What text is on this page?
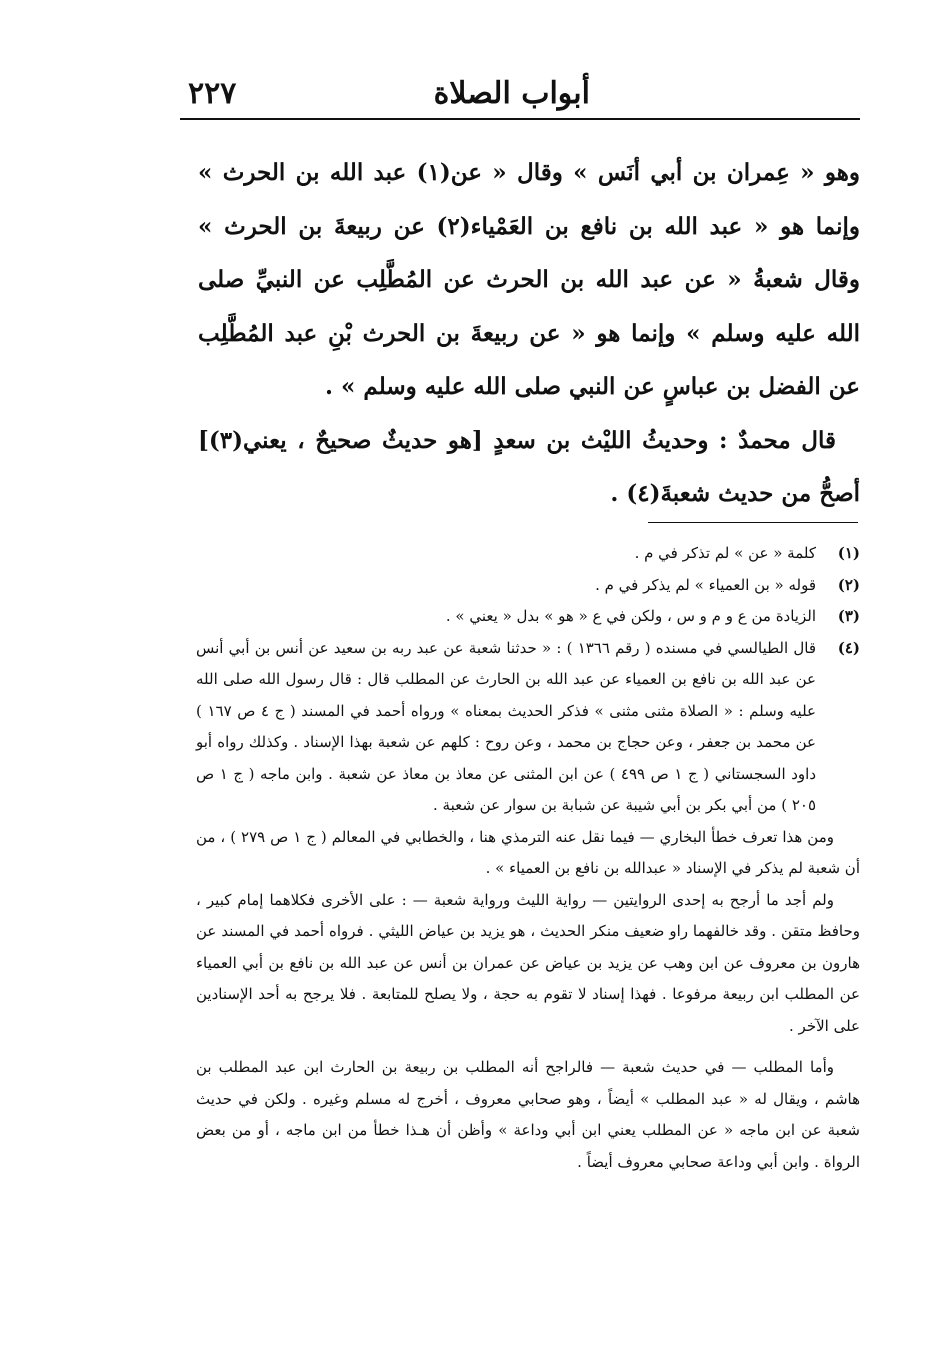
أبواب الصلاة
٢٢٧

وهو « عِمران بن أبي أنَس » وقال « عن(١) عبد الله بن الحرث » وإنما هو « عبد الله بن نافع بن العَمْياء(٢) عن ربيعةَ بن الحرث » وقال شعبةُ « عن عبد الله بن الحرث عن المُطَّلِب عن النبيِّ صلى الله عليه وسلم » وإنما هو « عن ربيعةَ بن الحرث بْنِ عبد المُطَّلِب عن الفضل بن عباسٍ عن النبي صلى الله عليه وسلم » .

قال محمدٌ : وحديثُ الليْث بن سعدٍ [هو حديثٌ صحيحٌ ، يعني(٣)] أصحُّ من حديث شعبةَ(٤) .

(١)
كلمة « عن » لم تذكر في م .
(٢)
قوله « بن العمياء » لم يذكر في م .
(٣)
الزيادة من ع و م و س ، ولكن في ع « هو » بدل « يعني » .
(٤)
قال الطيالسي في مسنده ( رقم ١٣٦٦ ) : « حدثنا شعبة عن عبد ربه بن سعيد عن أنس بن أبي أنس عن عبد الله بن نافع بن العمياء عن عبد الله بن الحارث عن المطلب قال : قال رسول الله صلى الله عليه وسلم : « الصلاة مثنى مثنى » فذكر الحديث بمعناه » ورواه أحمد في المسند ( ج ٤ ص ١٦٧ ) عن محمد بن جعفر ، وعن حجاج بن محمد ، وعن روح : كلهم عن شعبة بهذا الإسناد . وكذلك رواه أبو داود السجستاني ( ج ١ ص ٤٩٩ ) عن ابن المثنى عن معاذ بن معاذ عن شعبة . وابن ماجه ( ج ١ ص ٢٠٥ ) من أبي بكر بن أبي شيبة عن شبابة بن سوار عن شعبة .

ومن هذا تعرف خطأ البخاري — فيما نقل عنه الترمذي هنا ، والخطابي في المعالم ( ج ١ ص ٢٧٩ ) ، من أن شعبة لم يذكر في الإسناد « عبدالله بن نافع بن العمياء » .

ولم أجد ما أرجح به إحدى الروايتين — رواية الليث ورواية شعبة — : على الأخرى فكلاهما إمام كبير ، وحافظ متقن . وقد خالفهما راو ضعيف منكر الحديث ، هو يزيد بن عياض الليثي . فرواه أحمد في المسند عن هارون بن معروف عن ابن وهب عن يزيد بن عياض عن عمران بن أنس عن عبد الله بن نافع بن أبي العمياء عن المطلب ابن ربيعة مرفوعا . فهذا إسناد لا تقوم به حجة ، ولا يصلح للمتابعة . فلا يرجح به أحد الإسنادين على الآخر .

وأما المطلب — في حديث شعبة — فالراجح أنه المطلب بن ربيعة بن الحارث ابن عبد المطلب بن هاشم ، ويقال له « عبد المطلب » أيضاً ، وهو صحابي معروف ، أخرج له مسلم وغيره . ولكن في حديث شعبة عن ابن ماجه « عن المطلب يعني ابن أبي وداعة » وأظن أن هـذا خطأ من ابن ماجه ، أو من بعض الرواة . وابن أبي وداعة صحابي معروف أيضاً .
